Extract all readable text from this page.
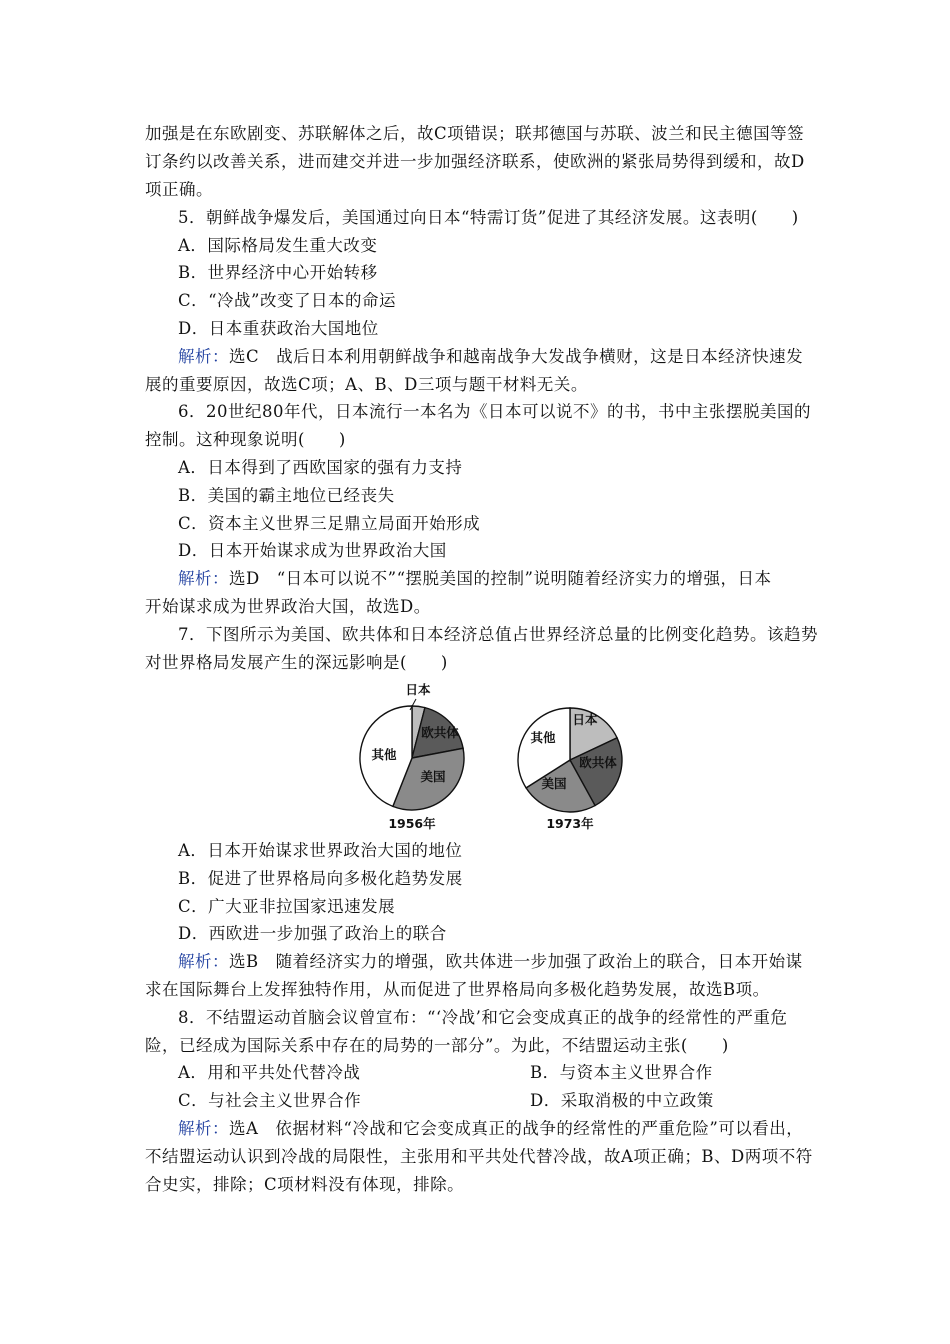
加强是在东欧剧变、苏联解体之后，故C项错误；联邦德国与苏联、波兰和民主德国等签
订条约以改善关系，进而建交并进一步加强经济联系，使欧洲的紧张局势得到缓和，故D
项正确。
5．朝鲜战争爆发后，美国通过向日本“特需订货”促进了其经济发展。这表明(　　)
A．国际格局发生重大改变
B．世界经济中心开始转移
C．“冷战”改变了日本的命运
D．日本重获政治大国地位
解析：选C　战后日本利用朝鲜战争和越南战争大发战争横财，这是日本经济快速发
展的重要原因，故选C项；A、B、D三项与题干材料无关。
6．20世纪80年代，日本流行一本名为《日本可以说不》的书，书中主张摆脱美国的
控制。这种现象说明(　　)
A．日本得到了西欧国家的强有力支持
B．美国的霸主地位已经丧失
C．资本主义世界三足鼎立局面开始形成
D．日本开始谋求成为世界政治大国
解析：选D　“日本可以说不”“摆脱美国的控制”说明随着经济实力的增强，日本
开始谋求成为世界政治大国，故选D。
7．下图所示为美国、欧共体和日本经济总值占世界经济总量的比例变化趋势。该趋势
对世界格局发展产生的深远影响是(　　)
日本
欧共体
美国
其他
1956年
日本
欧共体
美国
其他
1973年
A．日本开始谋求世界政治大国的地位
B．促进了世界格局向多极化趋势发展
C．广大亚非拉国家迅速发展
D．西欧进一步加强了政治上的联合
解析：选B　随着经济实力的增强，欧共体进一步加强了政治上的联合，日本开始谋
求在国际舞台上发挥独特作用，从而促进了世界格局向多极化趋势发展，故选B项。
8．不结盟运动首脑会议曾宣布：“‘冷战’和它会变成真正的战争的经常性的严重危
险，已经成为国际关系中存在的局势的一部分”。为此，不结盟运动主张(　　)
A．用和平共处代替冷战	B．与资本主义世界合作
C．与社会主义世界合作	D．采取消极的中立政策
解析：选A　依据材料“冷战和它会变成真正的战争的经常性的严重危险”可以看出，
不结盟运动认识到冷战的局限性，主张用和平共处代替冷战，故A项正确；B、D两项不符
合史实，排除；C项材料没有体现，排除。
